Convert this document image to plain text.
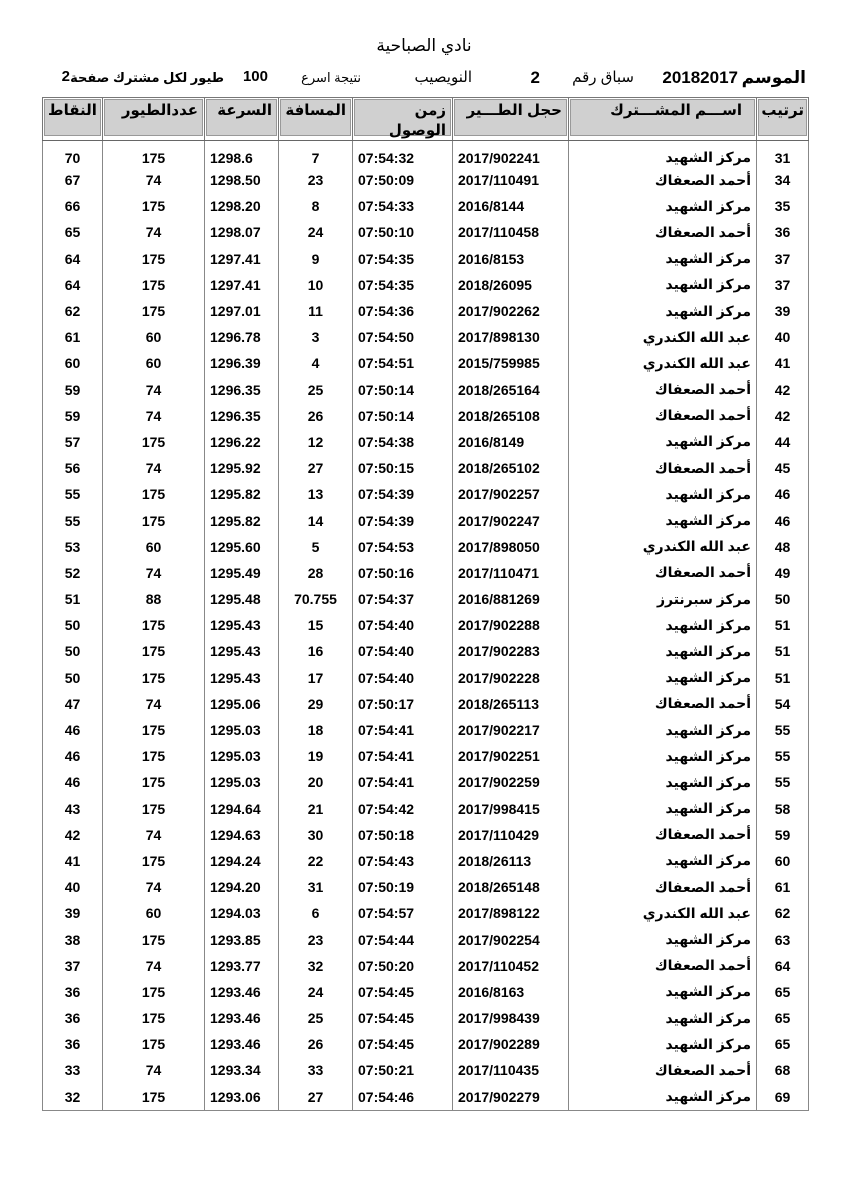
نادي الصباحية
الموسم
20182017
سباق رقم
2
النويصيب
نتيجة اسرع
100
طيور لكل مشترك صفحة
2
ترتيب	اســـم المشـــترك	حجل الطـــير	زمن الوصول	المسافة	السرعة	عددالطيور	النقاط

31	مركز الشهيد	2017/902241	07:54:32	7	1298.6	175	70
34	أحمد الصعفاك	2017/110491	07:50:09	23	1298.50	74	67
35	مركز الشهيد	2016/8144	07:54:33	8	1298.20	175	66
36	أحمد الصعفاك	2017/110458	07:50:10	24	1298.07	74	65
37	مركز الشهيد	2016/8153	07:54:35	9	1297.41	175	64
37	مركز الشهيد	2018/26095	07:54:35	10	1297.41	175	64
39	مركز الشهيد	2017/902262	07:54:36	11	1297.01	175	62
40	عبد الله الكندري	2017/898130	07:54:50	3	1296.78	60	61
41	عبد الله الكندري	2015/759985	07:54:51	4	1296.39	60	60
42	أحمد الصعفاك	2018/265164	07:50:14	25	1296.35	74	59
42	أحمد الصعفاك	2018/265108	07:50:14	26	1296.35	74	59
44	مركز الشهيد	2016/8149	07:54:38	12	1296.22	175	57
45	أحمد الصعفاك	2018/265102	07:50:15	27	1295.92	74	56
46	مركز الشهيد	2017/902257	07:54:39	13	1295.82	175	55
46	مركز الشهيد	2017/902247	07:54:39	14	1295.82	175	55
48	عبد الله الكندري	2017/898050	07:54:53	5	1295.60	60	53
49	أحمد الصعفاك	2017/110471	07:50:16	28	1295.49	74	52
50	مركز سبرنترز	2016/881269	07:54:37	70.755	1295.48	88	51
51	مركز الشهيد	2017/902288	07:54:40	15	1295.43	175	50
51	مركز الشهيد	2017/902283	07:54:40	16	1295.43	175	50
51	مركز الشهيد	2017/902228	07:54:40	17	1295.43	175	50
54	أحمد الصعفاك	2018/265113	07:50:17	29	1295.06	74	47
55	مركز الشهيد	2017/902217	07:54:41	18	1295.03	175	46
55	مركز الشهيد	2017/902251	07:54:41	19	1295.03	175	46
55	مركز الشهيد	2017/902259	07:54:41	20	1295.03	175	46
58	مركز الشهيد	2017/998415	07:54:42	21	1294.64	175	43
59	أحمد الصعفاك	2017/110429	07:50:18	30	1294.63	74	42
60	مركز الشهيد	2018/26113	07:54:43	22	1294.24	175	41
61	أحمد الصعفاك	2018/265148	07:50:19	31	1294.20	74	40
62	عبد الله الكندري	2017/898122	07:54:57	6	1294.03	60	39
63	مركز الشهيد	2017/902254	07:54:44	23	1293.85	175	38
64	أحمد الصعفاك	2017/110452	07:50:20	32	1293.77	74	37
65	مركز الشهيد	2016/8163	07:54:45	24	1293.46	175	36
65	مركز الشهيد	2017/998439	07:54:45	25	1293.46	175	36
65	مركز الشهيد	2017/902289	07:54:45	26	1293.46	175	36
68	أحمد الصعفاك	2017/110435	07:50:21	33	1293.34	74	33
69	مركز الشهيد	2017/902279	07:54:46	27	1293.06	175	32
